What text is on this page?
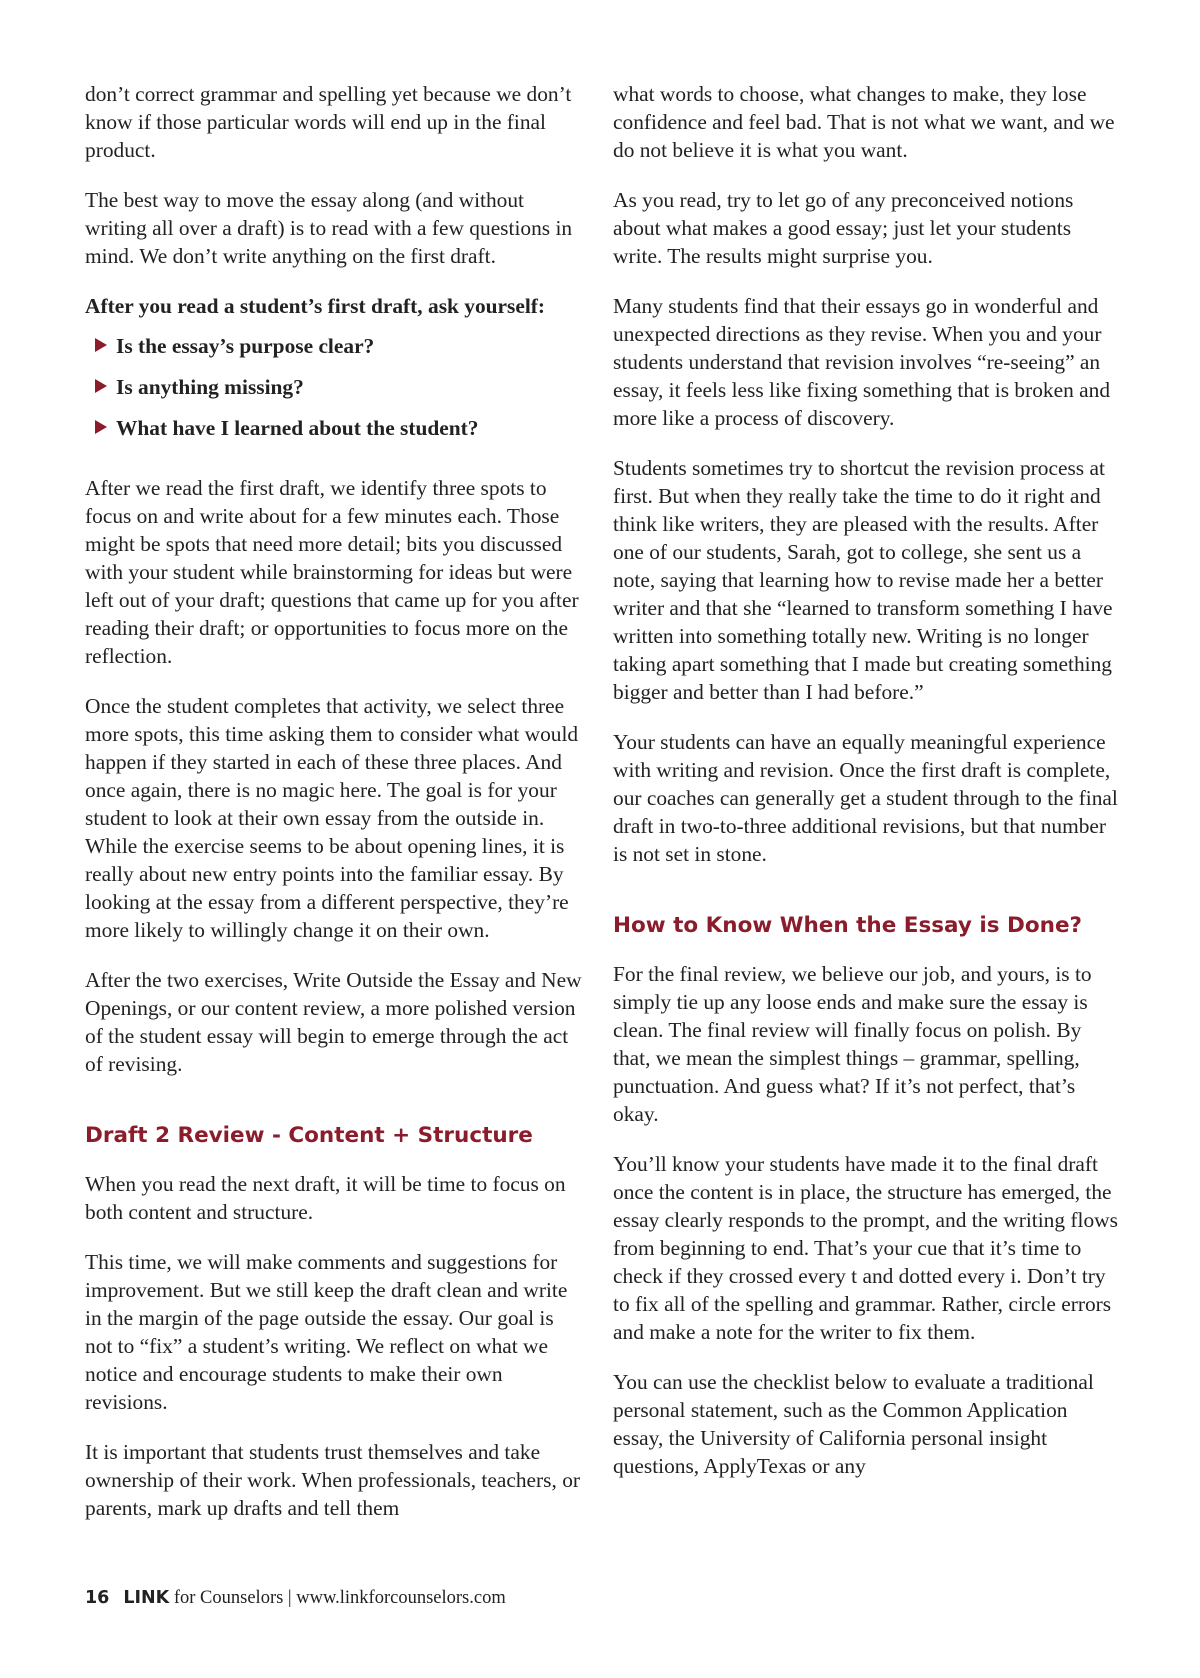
don’t correct grammar and spelling yet because we don’t know if those particular words will end up in the final product.

The best way to move the essay along (and without writing all over a draft) is to read with a few questions in mind. We don’t write anything on the first draft.

After you read a student’s first draft, ask yourself:

Is the essay’s purpose clear?
Is anything missing?
What have I learned about the student?

After we read the first draft, we identify three spots to focus on and write about for a few minutes each. Those might be spots that need more detail; bits you discussed with your student while brainstorming for ideas but were left out of your draft; questions that came up for you after reading their draft; or opportunities to focus more on the reflection.

Once the student completes that activity, we select three more spots, this time asking them to consider what would happen if they started in each of these three places. And once again, there is no magic here. The goal is for your student to look at their own essay from the outside in. While the exercise seems to be about opening lines, it is really about new entry points into the familiar essay. By looking at the essay from a different perspective, they’re more likely to willingly change it on their own.

After the two exercises, Write Outside the Essay and New Openings, or our content review, a more polished version of the student essay will begin to emerge through the act of revising.

Draft 2 Review - Content + Structure

When you read the next draft, it will be time to focus on both content and structure.

This time, we will make comments and suggestions for improvement. But we still keep the draft clean and write in the margin of the page outside the essay. Our goal is not to “fix” a student’s writing. We reflect on what we notice and encourage students to make their own revisions.

It is important that students trust themselves and take ownership of their work. When professionals, teachers, or parents, mark up drafts and tell them

what words to choose, what changes to make, they lose confidence and feel bad. That is not what we want, and we do not believe it is what you want.

As you read, try to let go of any preconceived notions about what makes a good essay; just let your students write. The results might surprise you.

Many students find that their essays go in wonderful and unexpected directions as they revise. When you and your students understand that revision involves “re-seeing” an essay, it feels less like fixing something that is broken and more like a process of discovery.

Students sometimes try to shortcut the revision process at first. But when they really take the time to do it right and think like writers, they are pleased with the results. After one of our students, Sarah, got to college, she sent us a note, saying that learning how to revise made her a better writer and that she “learned to transform something I have written into something totally new. Writing is no longer taking apart something that I made but creating something bigger and better than I had before.”

Your students can have an equally meaningful experience with writing and revision. Once the first draft is complete, our coaches can generally get a student through to the final draft in two-to-three additional revisions, but that number is not set in stone.

How to Know When the Essay is Done?

For the final review, we believe our job, and yours, is to simply tie up any loose ends and make sure the essay is clean. The final review will finally focus on polish. By that, we mean the simplest things – grammar, spelling, punctuation. And guess what? If it’s not perfect, that’s okay.

You’ll know your students have made it to the final draft once the content is in place, the structure has emerged, the essay clearly responds to the prompt, and the writing flows from beginning to end. That’s your cue that it’s time to check if they crossed every t and dotted every i. Don’t try to fix all of the spelling and grammar. Rather, circle errors and make a note for the writer to fix them.

You can use the checklist below to evaluate a traditional personal statement, such as the Common Application essay, the University of California personal insight questions, ApplyTexas or any

16 LINK for Counselors | www.linkforcounselors.com
